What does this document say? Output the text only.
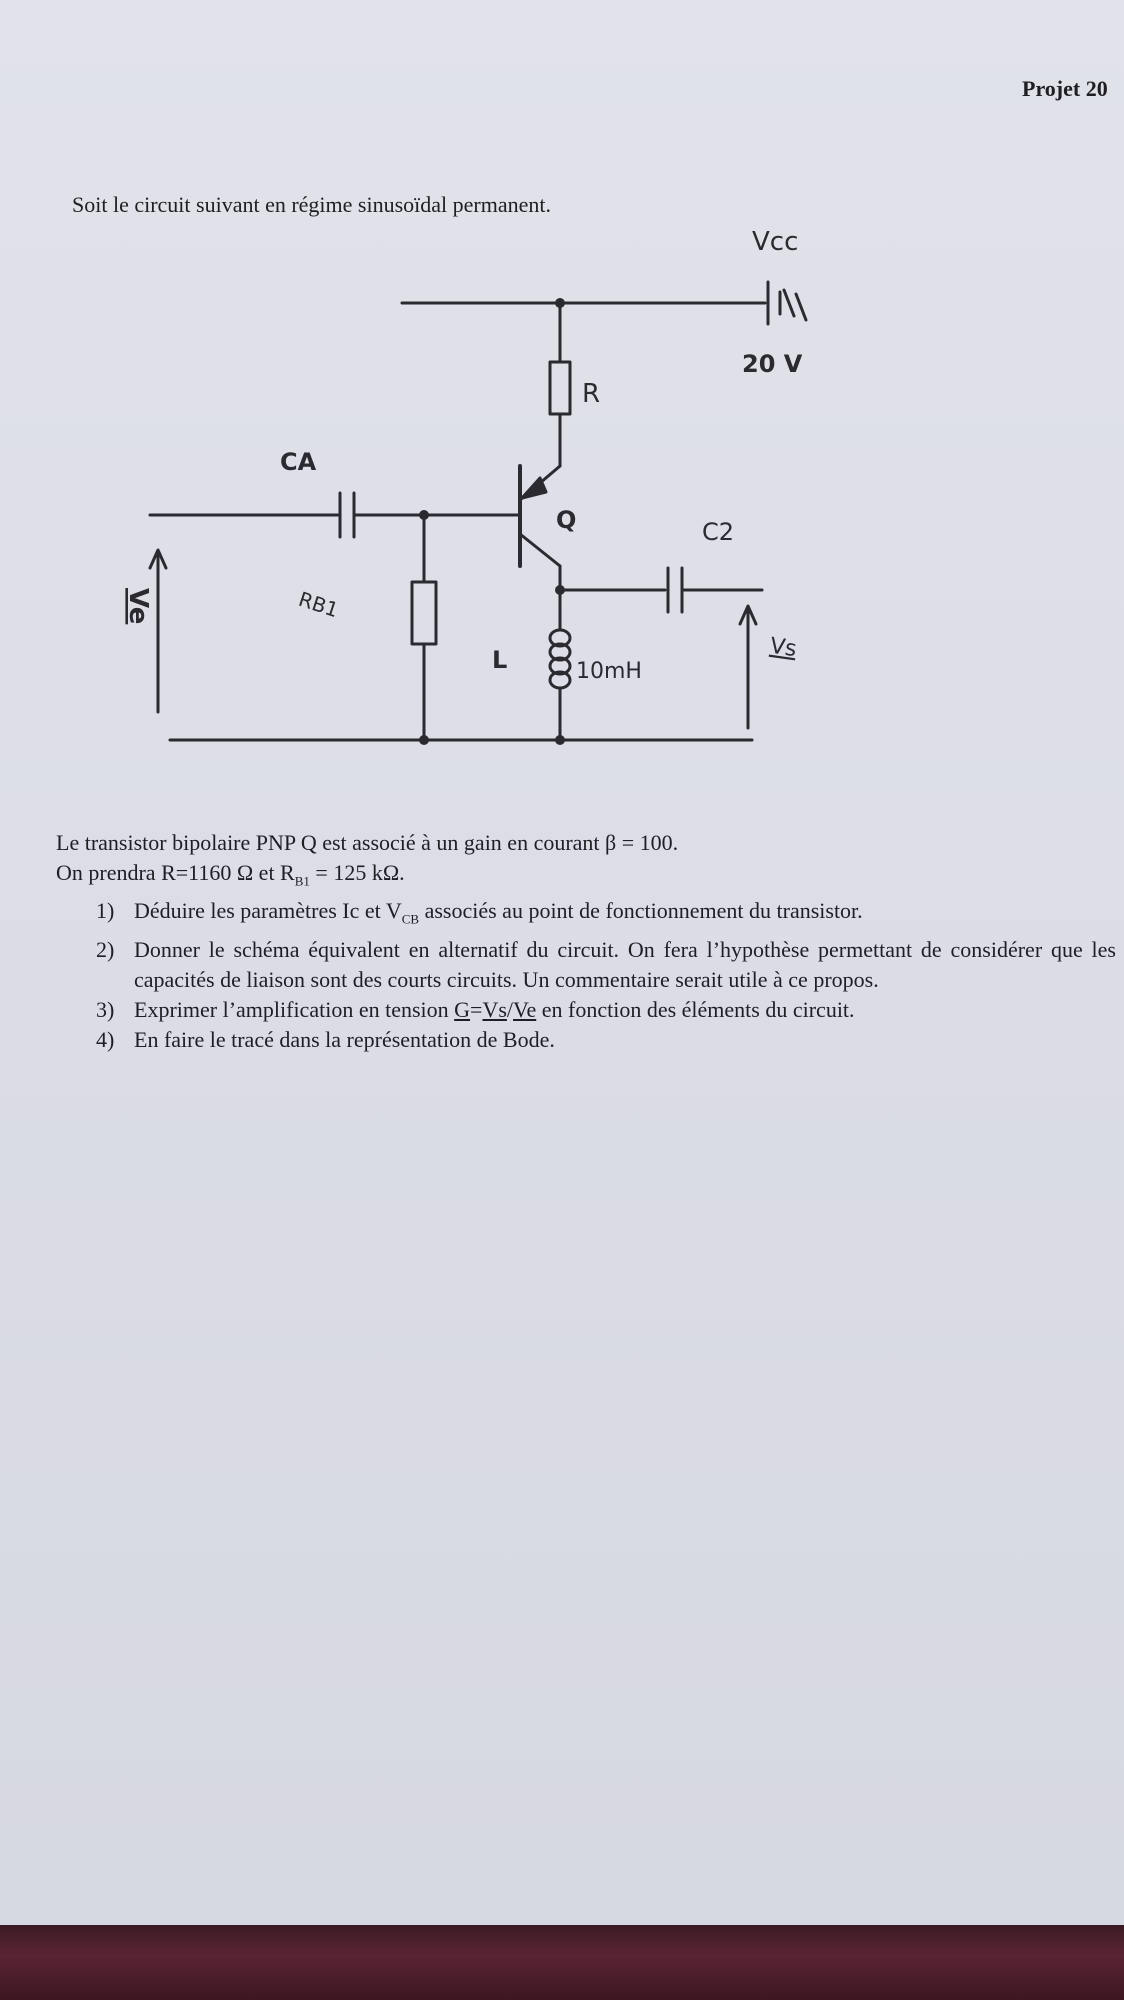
Projet 20
Soit le circuit suivant en régime sinusoïdal permanent.
Vcc
20 V
R
CA
Q	C2
Ve	RB1
L	10mH
Vs

Le transistor bipolaire PNP Q est associé à un gain en courant β = 100.

On prendra R=1160 Ω et $R_{B1} = 125$ kΩ.

1) Déduire les paramètres Ic et $V_{CB}$ associés au point de fonctionnement du transistor.
2) Donner le schéma équivalent en alternatif du circuit. On fera l’hypothèse permettant de considérer que les capacités de liaison sont des courts circuits. Un commentaire serait utile à ce propos.
3) Exprimer l’amplification en tension G=Vs/Ve en fonction des éléments du circuit.
4) En faire le tracé dans la représentation de Bode.
